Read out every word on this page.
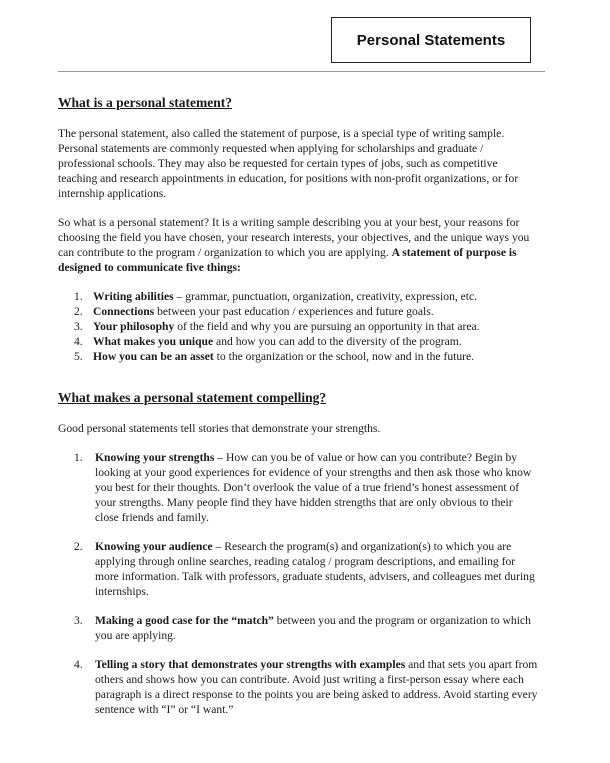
Personal Statements
What is a personal statement?

The personal statement, also called the statement of purpose, is a special type of writing sample. Personal statements are commonly requested when applying for scholarships and graduate / professional schools. They may also be requested for certain types of jobs, such as competitive teaching and research appointments in education, for positions with non-profit organizations, or for internship applications.

So what is a personal statement? It is a writing sample describing you at your best, your reasons for choosing the field you have chosen, your research interests, your objectives, and the unique ways you can contribute to the program / organization to which you are applying. A statement of purpose is designed to communicate five things:

1. Writing abilities – grammar, punctuation, organization, creativity, expression, etc.
2. Connections between your past education / experiences and future goals.
3. Your philosophy of the field and why you are pursuing an opportunity in that area.
4. What makes you unique and how you can add to the diversity of the program.
5. How you can be an asset to the organization or the school, now and in the future.
What makes a personal statement compelling?

Good personal statements tell stories that demonstrate your strengths.

1. Knowing your strengths – How can you be of value or how can you contribute? Begin by looking at your good experiences for evidence of your strengths and then ask those who know you best for their thoughts. Don’t overlook the value of a true friend’s honest assessment of your strengths. Many people find they have hidden strengths that are only obvious to their close friends and family.
2. Knowing your audience – Research the program(s) and organization(s) to which you are applying through online searches, reading catalog / program descriptions, and emailing for more information. Talk with professors, graduate students, advisers, and colleagues met during internships.
3. Making a good case for the “match” between you and the program or organization to which you are applying.
4. Telling a story that demonstrates your strengths with examples and that sets you apart from others and shows how you can contribute. Avoid just writing a first-person essay where each paragraph is a direct response to the points you are being asked to address. Avoid starting every sentence with “I” or “I want.”
